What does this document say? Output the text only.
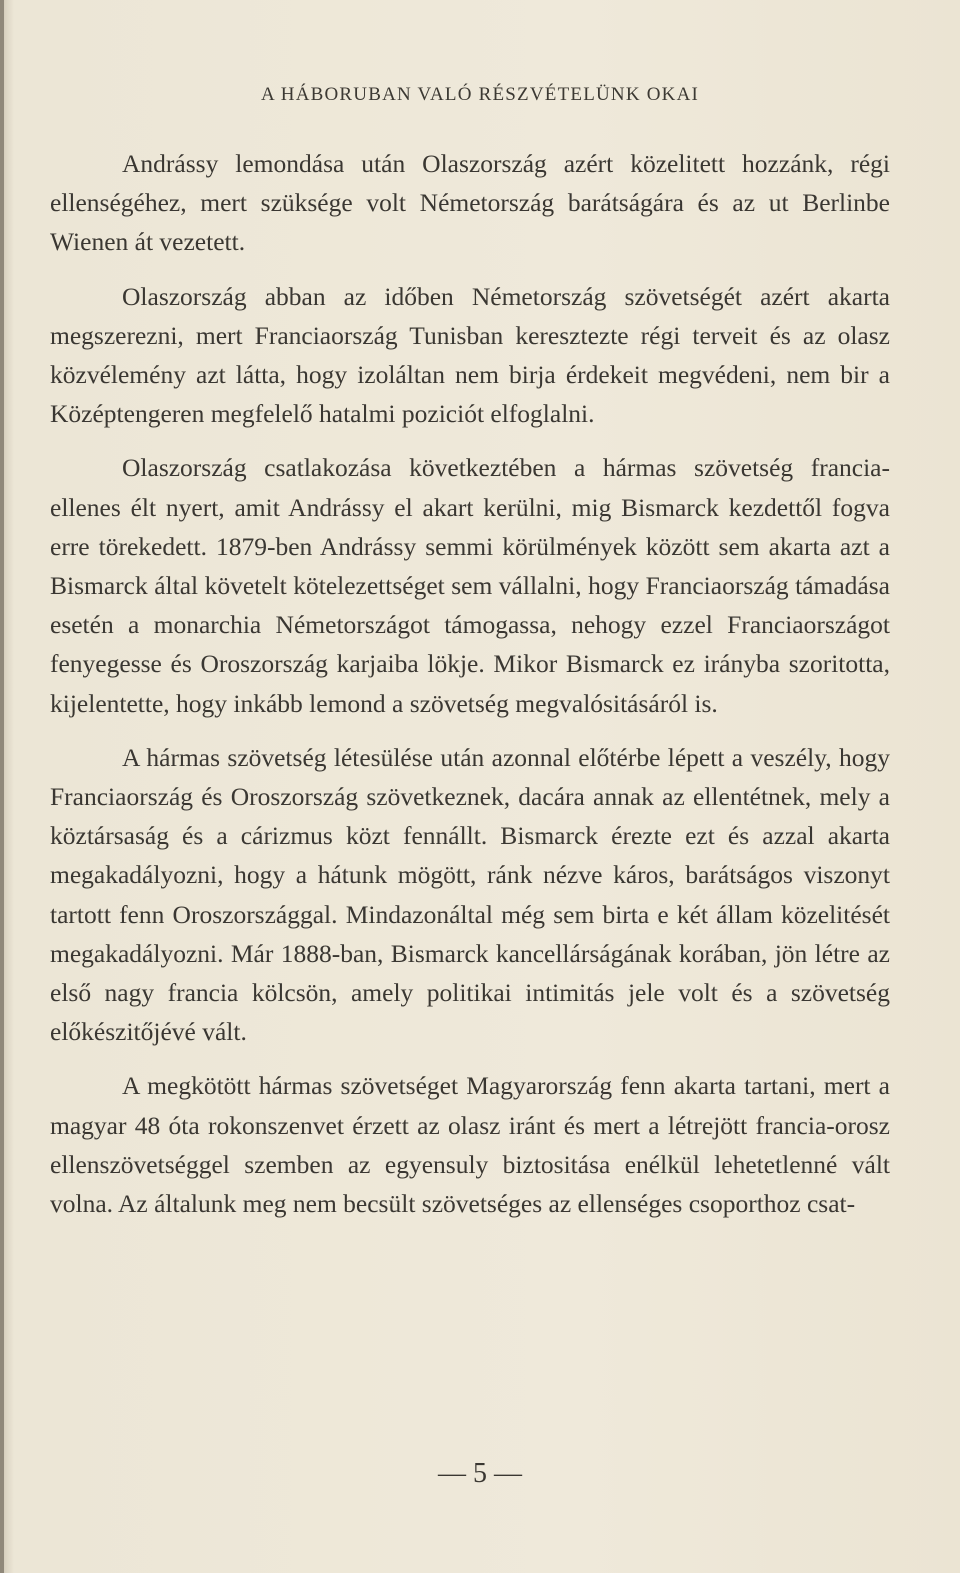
A HÁBORUBAN VALÓ RÉSZVÉTELÜNK OKAI

Andrássy lemondása után Olaszország azért közelitett hozzánk, régi ellenségéhez, mert szüksége volt Németország barátságára és az ut Berlinbe Wienen át vezetett.

Olaszország abban az időben Németország szövetségét azért akarta megszerezni, mert Franciaország Tunisban keresztezte régi terveit és az olasz közvélemény azt látta, hogy izoláltan nem birja érdekeit megvédeni, nem bir a Középtengeren megfelelő hatalmi poziciót elfoglalni.

Olaszország csatlakozása következtében a hármas szövetség francia-ellenes élt nyert, amit Andrássy el akart kerülni, mig Bismarck kezdettől fogva erre törekedett. 1879-ben Andrássy semmi körülmények között sem akarta azt a Bismarck által követelt kötelezettséget sem vállalni, hogy Franciaország támadása esetén a monarchia Németországot támogassa, nehogy ezzel Franciaországot fenyegesse és Oroszország karjaiba lökje. Mikor Bismarck ez irányba szoritotta, kijelentette, hogy inkább lemond a szövetség megvalósitásáról is.

A hármas szövetség létesülése után azonnal előtérbe lépett a veszély, hogy Franciaország és Oroszország szövetkeznek, dacára annak az ellentétnek, mely a köztársaság és a cárizmus közt fennállt. Bismarck érezte ezt és azzal akarta megakadályozni, hogy a hátunk mögött, ránk nézve káros, barátságos viszonyt tartott fenn Oroszországgal. Mindazonáltal még sem birta e két állam közelitését megakadályozni. Már 1888-ban, Bismarck kancellárságának korában, jön létre az első nagy francia kölcsön, amely politikai intimitás jele volt és a szövetség előkészitőjévé vált.

A megkötött hármas szövetséget Magyarország fenn akarta tartani, mert a magyar 48 óta rokonszenvet érzett az olasz iránt és mert a létrejött francia-orosz ellenszövetséggel szemben az egyensuly biztositása enélkül lehetetlenné vált volna. Az általunk meg nem becsült szövetséges az ellenséges csoporthoz csat-

— 5 —
